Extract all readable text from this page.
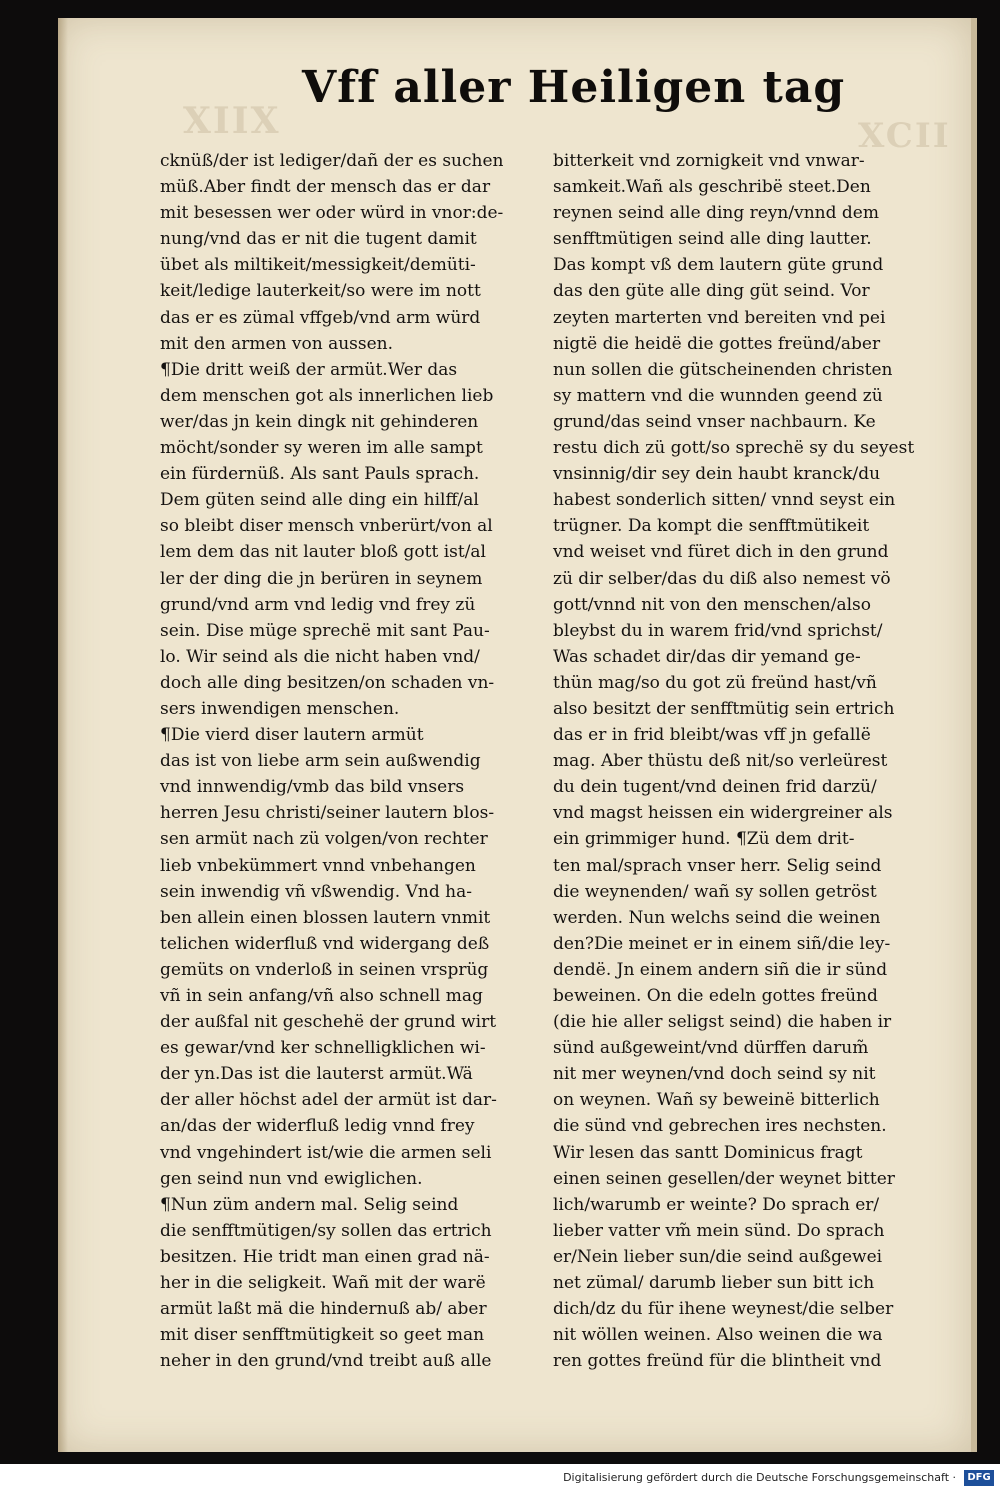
XIIX	XCII
Vff aller Heiligen tag
cknüß/der ist lediger/dañ der es suchen
müß.Aber findt der mensch das er dar
mit besessen wer oder würd in vnor:de-
nung/vnd das er nit die tugent damit
übet als miltikeit/messigkeit/demüti-
keit/ledige lauterkeit/so were im nott
das er es zümal vffgeb/vnd arm würd
mit den armen von aussen.
¶Die dritt weiß der armüt.Wer das
dem menschen got als innerlichen lieb
wer/das jn kein dingk nit gehinderen
möcht/sonder sy weren im alle sampt
ein fürdernüß. Als sant Pauls sprach.
Dem güten seind alle ding ein hilff/al
so bleibt diser mensch vnberürt/von al
lem dem das nit lauter bloß gott ist/al
ler der ding die jn berüren in seynem
grund/vnd arm vnd ledig vnd frey zü
sein. Dise müge sprechë mit sant Pau-
lo. Wir seind als die nicht haben vnd/
doch alle ding besitzen/on schaden vn-
sers inwendigen menschen.
¶Die vierd diser lautern armüt
das ist von liebe arm sein außwendig
vnd innwendig/vmb das bild vnsers
herren Jesu christi/seiner lautern blos-
sen armüt nach zü volgen/von rechter
lieb vnbekümmert vnnd vnbehangen
sein inwendig vñ vßwendig. Vnd ha-
ben allein einen blossen lautern vnmit
telichen widerfluß vnd widergang deß
gemüts on vnderloß in seinen vrsprüg
vñ in sein anfang/vñ also schnell mag
der außfal nit geschehë der grund wirt
es gewar/vnd ker schnelligklichen wi-
der yn.Das ist die lauterst armüt.Wä
der aller höchst adel der armüt ist dar-
an/das der widerfluß ledig vnnd frey
vnd vngehindert ist/wie die armen seli
gen seind nun vnd ewiglichen.
¶Nun züm andern mal. Selig seind
die senfftmütigen/sy sollen das ertrich
besitzen. Hie tridt man einen grad nä-
her in die seligkeit. Wañ mit der warë
armüt laßt mä die hindernuß ab/ aber
mit diser senfftmütigkeit so geet man
neher in den grund/vnd treibt auß alle
bitterkeit vnd zornigkeit vnd vnwar-
samkeit.Wañ als geschribë steet.Den
reynen seind alle ding reyn/vnnd dem
senfftmütigen seind alle ding lautter.
Das kompt vß dem lautern güte grund
das den güte alle ding güt seind. Vor
zeyten marterten vnd bereiten vnd pei
nigtë die heidë die gottes freünd/aber
nun sollen die gütscheinenden christen
sy mattern vnd die wunnden geend zü
grund/das seind vnser nachbaurn. Ke
restu dich zü gott/so sprechë sy du seyest
vnsinnig/dir sey dein haubt kranck/du
habest sonderlich sitten/ vnnd seyst ein
trügner. Da kompt die senfftmütikeit
vnd weiset vnd füret dich in den grund
zü dir selber/das du diß also nemest vö
gott/vnnd nit von den menschen/also
bleybst du in warem frid/vnd sprichst/
Was schadet dir/das dir yemand ge-
thün mag/so du got zü freünd hast/vñ
also besitzt der senfftmütig sein ertrich
das er in frid bleibt/was vff jn gefallë
mag. Aber thüstu deß nit/so verleürest
du dein tugent/vnd deinen frid darzü/
vnd magst heissen ein widergreiner als
ein grimmiger hund. ¶Zü dem drit-
ten mal/sprach vnser herr. Selig seind
die weynenden/ wañ sy sollen getröst
werden. Nun welchs seind die weinen
den?Die meinet er in einem siñ/die ley-
dendë. Jn einem andern siñ die ir sünd
beweinen. On die edeln gottes freünd
(die hie aller seligst seind) die haben ir
sünd außgeweint/vnd dürffen darum̃
nit mer weynen/vnd doch seind sy nit
on weynen. Wañ sy beweinë bitterlich
die sünd vnd gebrechen ires nechsten.
Wir lesen das santt Dominicus fragt
einen seinen gesellen/der weynet bitter
lich/warumb er weinte? Do sprach er/
lieber vatter vm̃ mein sünd. Do sprach
er/Nein lieber sun/die seind außgewei
net zümal/ darumb lieber sun bitt ich
dich/dz du für ihene weynest/die selber
nit wöllen weinen. Also weinen die wa
ren gottes freünd für die blintheit vnd
Digitalisierung gefördert durch die Deutsche Forschungsgemeinschaft ·	DFG
